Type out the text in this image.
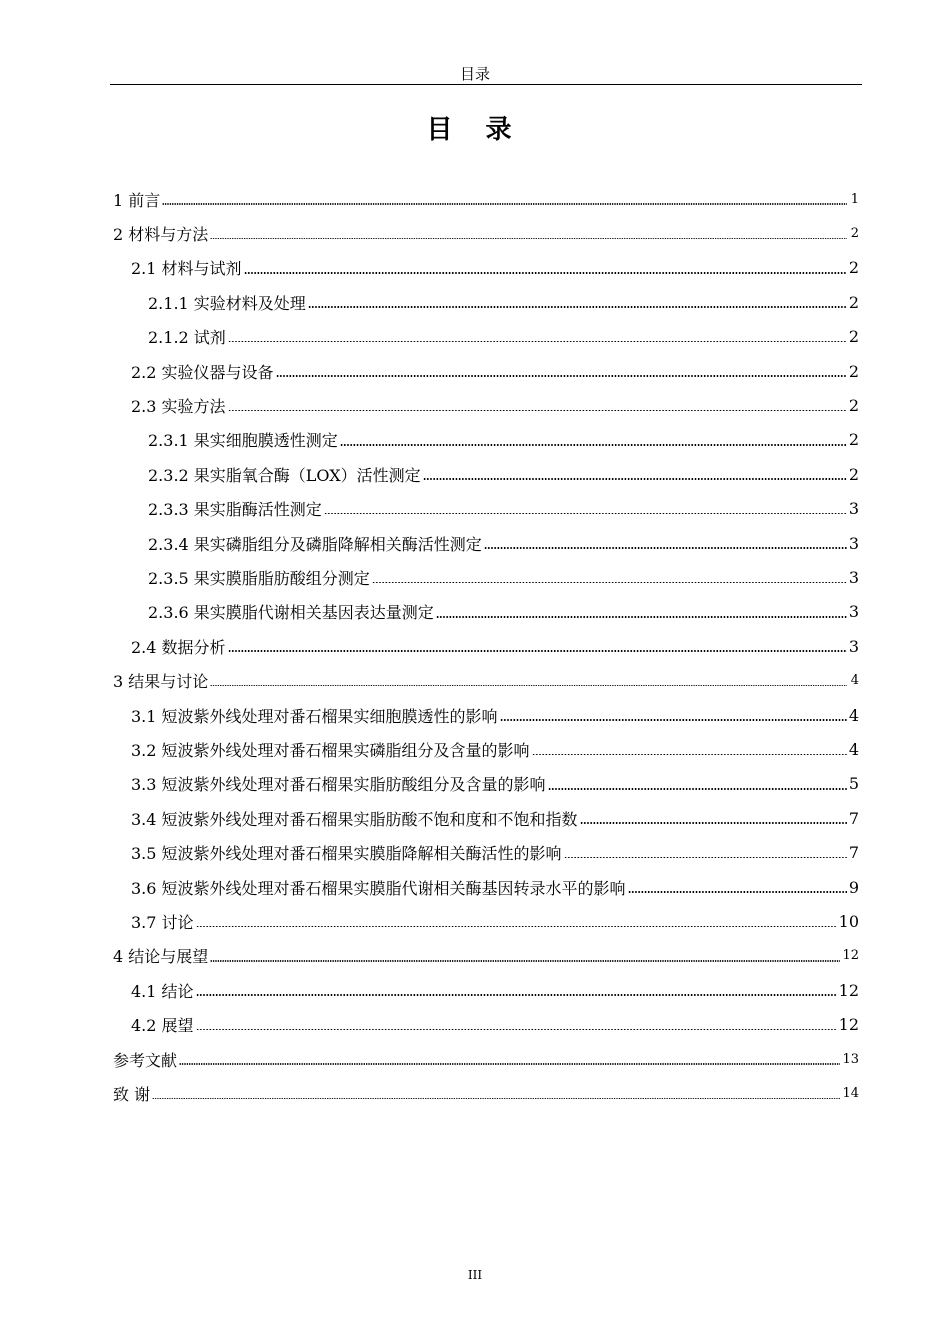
目录
目 录
1 前言	1
2 材料与方法	2
2.1 材料与试剂	2
2.1.1 实验材料及处理	2
2.1.2 试剂	2
2.2 实验仪器与设备	2
2.3 实验方法	2
2.3.1 果实细胞膜透性测定	2
2.3.2 果实脂氧合酶（LOX）活性测定	2
2.3.3 果实脂酶活性测定	3
2.3.4 果实磷脂组分及磷脂降解相关酶活性测定	3
2.3.5 果实膜脂脂肪酸组分测定	3
2.3.6 果实膜脂代谢相关基因表达量测定	3
2.4 数据分析	3
3 结果与讨论	4
3.1 短波紫外线处理对番石榴果实细胞膜透性的影响	4
3.2 短波紫外线处理对番石榴果实磷脂组分及含量的影响	4
3.3 短波紫外线处理对番石榴果实脂肪酸组分及含量的影响	5
3.4 短波紫外线处理对番石榴果实脂肪酸不饱和度和不饱和指数	7
3.5 短波紫外线处理对番石榴果实膜脂降解相关酶活性的影响	7
3.6 短波紫外线处理对番石榴果实膜脂代谢相关酶基因转录水平的影响	9
3.7 讨论	10
4 结论与展望	12
4.1 结论	12
4.2 展望	12
参考文献	13
致 谢	14
III
